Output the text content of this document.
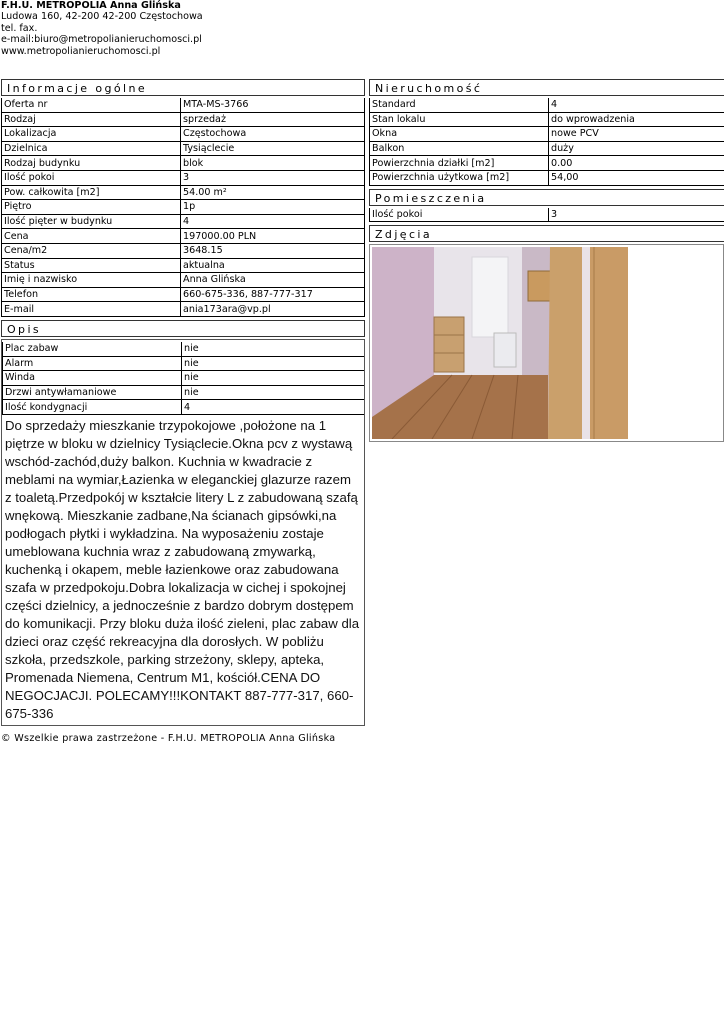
F.H.U. METROPOLIA Anna Glińska
Ludowa 160, 42-200 42-200 Częstochowa
tel. fax.
e-mail:biuro@metropolianieruchomosci.pl
www.metropolianieruchomosci.pl
Informacje ogólne
Oferta nr	MTA-MS-3766
Rodzaj	sprzedaż
Lokalizacja	Częstochowa
Dzielnica	Tysiąclecie
Rodzaj budynku	blok
Ilość pokoi	3
Pow. całkowita [m2]	54.00 m²
Piętro	1p
Ilość pięter w budynku	4
Cena	197000.00 PLN
Cena/m2	3648.15
Status	aktualna
Imię i nazwisko	Anna Glińska
Telefon	660-675-336, 887-777-317
E-mail	ania173ara@vp.pl
Opis
Plac zabaw	nie
Alarm	nie
Winda	nie
Drzwi antywłamaniowe	nie
Ilość kondygnacji	4
Do sprzedaży mieszkanie trzypokojowe ,położone na 1 piętrze w bloku w dzielnicy Tysiąclecie.Okna pcv z wystawą wschód-zachód,duży balkon. Kuchnia w kwadracie z meblami na wymiar,Łazienka w eleganckiej glazurze razem z toaletą.Przedpokój w kształcie litery L z zabudowaną szafą wnękową. Mieszkanie zadbane,Na ścianach gipsówki,na podłogach płytki i wykładzina. Na wyposażeniu zostaje umeblowana kuchnia wraz z zabudowaną zmywarką, kuchenką i okapem, meble łazienkowe oraz zabudowana szafa w przedpokoju.Dobra lokalizacja w cichej i spokojnej części dzielnicy, a jednocześnie z bardzo dobrym dostępem do komunikacji. Przy bloku duża ilość zieleni, plac zabaw dla dzieci oraz część rekreacyjna dla dorosłych. W pobliżu szkoła, przedszkole, parking strzeżony, sklepy, apteka, Promenada Niemena, Centrum M1, kościół.CENA DO NEGOCJACJI. POLECAMY!!!KONTAKT 887-777-317, 660-675-336
Nieruchomość
Standard	4
Stan lokalu	do wprowadzenia
Okna	nowe PCV
Balkon	duży
Powierzchnia działki [m2]	0.00
Powierzchnia użytkowa [m2]	54,00
Pomieszczenia
Ilość pokoi	3
Zdjęcia
© Wszelkie prawa zastrzeżone - F.H.U. METROPOLIA Anna Glińska
